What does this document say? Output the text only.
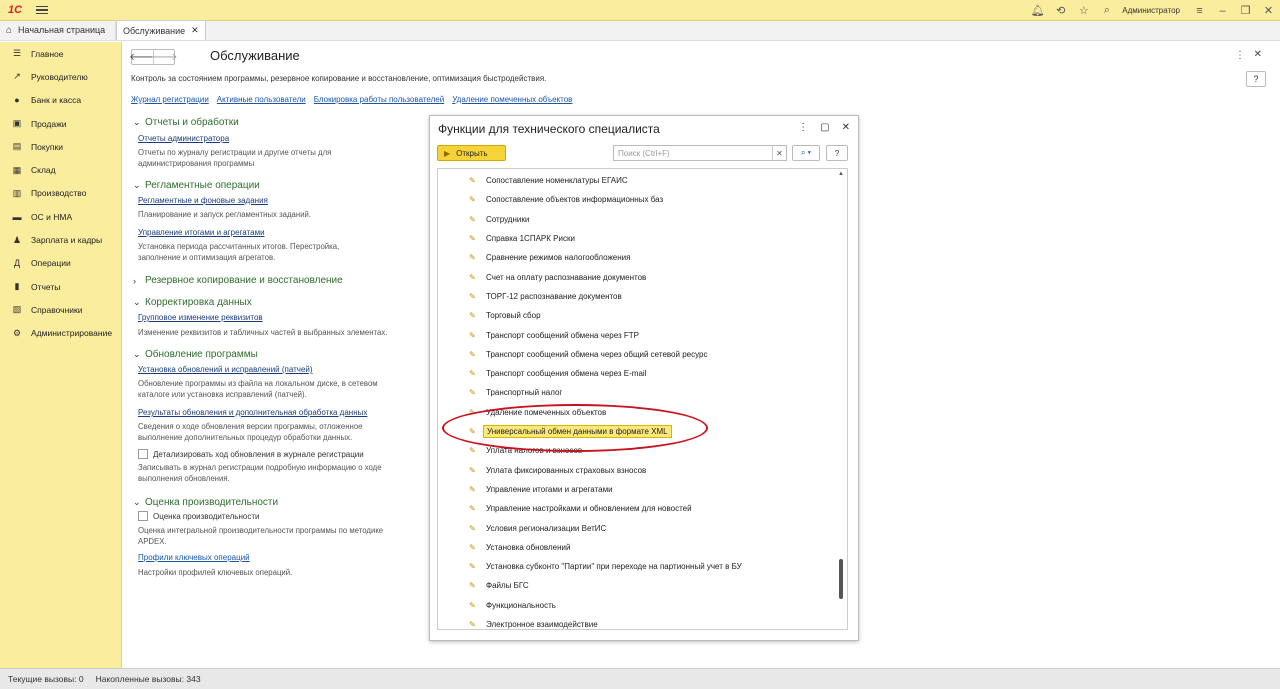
1С	🔔︎	⟲	☆	⌕	Администратор	≡	–	❐	✕
⌂ Начальная страница Обслуживание ✕
☰ Главное
↗ Руководителю
●	Банк и касса
▣ Продажи
▤ Покупки
▦ Склад
▥ Производство
▬ ОС и НМА
♟ Зарплата и кадры
Д	Операции
▮	Отчеты
▧ Справочники
⚙ Администрирование
🡐
🡒	Обслуживание	⋮ ✕
?
Контроль за состоянием программы, резервное копирование и восстановление, оптимизация быстродействия.
Журнал регистрации Активные пользователи Блокировка работы пользователей Удаление помеченных объектов
⌄ Отчеты и обработки
Отчеты администратора
Отчеты по журналу регистрации и другие отчеты для администрирования программы
⌄ Регламентные операции
Регламентные и фоновые задания
Планирование и запуск регламентных заданий.
Управление итогами и агрегатами
Установка периода рассчитанных итогов. Перестройка, заполнение и оптимизация агрегатов.
› Резервное копирование и восстановление
⌄ Корректировка данных
Групповое изменение реквизитов
Изменение реквизитов и табличных частей в выбранных элементах.
⌄ Обновление программы
Установка обновлений и исправлений (патчей)
Обновление программы из файла на локальном диске, в сетевом каталоге или установка исправлений (патчей).
Результаты обновления и дополнительная обработка данных
Сведения о ходе обновления версии программы, отложенное выполнение дополнительных процедур обработки данных.
Детализировать ход обновления в журнале регистрации
Записывать в журнал регистрации подробную информацию о ходе выполнения обновления.
⌄ Оценка производительности
Оценка производительности
Оценка интегральной производительности программы по методике APDEX.
Профили ключевых операций
Настройки профилей ключевых операций.
Функции для технического специалиста	⋮ ▢ ✕
▶ Открыть	Поиск (Ctrl+F)	✕	⌕ ▾	?
✎	Сопоставление номенклатуры ЕГАИС
✎	Сопоставление объектов информационных баз
✎	Сотрудники
✎	Справка 1СПАРК Риски
✎	Сравнение режимов налогообложения
✎	Счет на оплату распознавание документов
✎	ТОРГ-12 распознавание документов
✎	Торговый сбор
✎	Транспорт сообщений обмена через FTP
✎	Транспорт сообщений обмена через общий сетевой ресурс
✎	Транспорт сообщения обмена через E-mail
✎	Транспортный налог
✎	Удаление помеченных объектов
✎	Универсальный обмен данными в формате XML
✎	Уплата налогов и взносов
✎	Уплата фиксированных страховых взносов
✎	Управление итогами и агрегатами
✎	Управление настройками и обновлением для новостей
✎	Условия регионализации ВетИС
✎	Установка обновлений
✎	Установка субконто "Партии" при переходе на партионный учет в БУ
✎	Файлы БГС
✎	Функциональность
✎	Электронное взаимодействие
▲
Текущие вызовы:
0 Накопленные вызовы:
343
